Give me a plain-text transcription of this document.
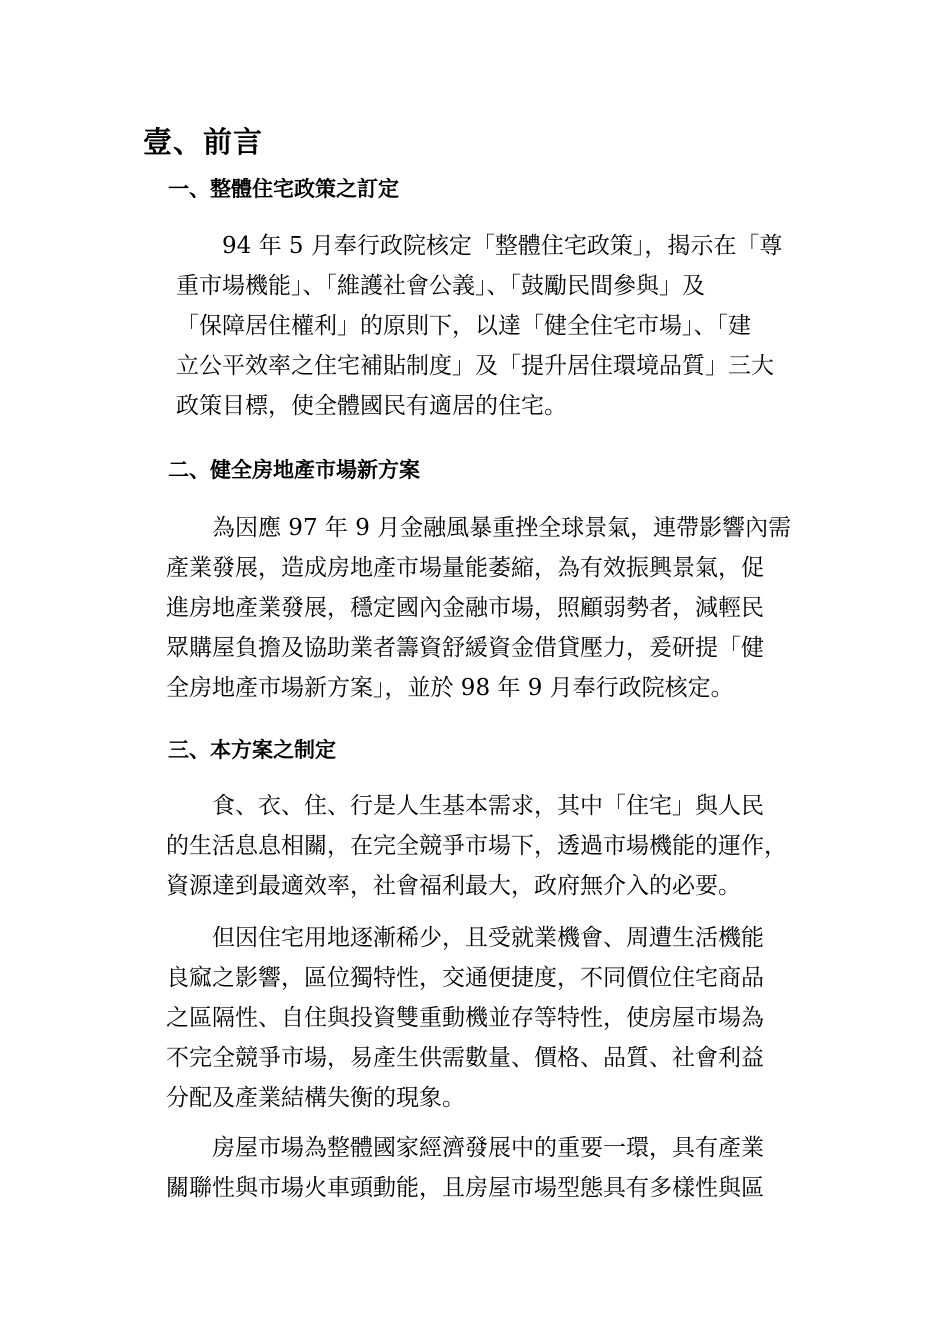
壹、前言
一、整體住宅政策之訂定
94 年 5 月奉行政院核定「整體住宅政策」，揭示在「尊
重市場機能」、「維護社會公義」、「鼓勵民間參與」及
「保障居住權利」的原則下，以達「健全住宅市場」、「建
立公平效率之住宅補貼制度」及「提升居住環境品質」三大
政策目標，使全體國民有適居的住宅。
二、健全房地產市場新方案
為因應 97 年 9 月金融風暴重挫全球景氣，連帶影響內需
產業發展，造成房地產市場量能萎縮，為有效振興景氣，促
進房地產業發展，穩定國內金融市場，照顧弱勢者，減輕民
眾購屋負擔及協助業者籌資舒緩資金借貸壓力，爰研提「健
全房地產市場新方案」，並於 98 年 9 月奉行政院核定。
三、本方案之制定
食、衣、住、行是人生基本需求，其中「住宅」與人民
的生活息息相關，在完全競爭市場下，透過市場機能的運作，
資源達到最適效率，社會福利最大，政府無介入的必要。
但因住宅用地逐漸稀少，且受就業機會、周遭生活機能
良窳之影響，區位獨特性，交通便捷度，不同價位住宅商品
之區隔性、自住與投資雙重動機並存等特性，使房屋市場為
不完全競爭市場，易產生供需數量、價格、品質、社會利益
分配及產業結構失衡的現象。
房屋市場為整體國家經濟發展中的重要一環，具有產業
關聯性與市場火車頭動能，且房屋市場型態具有多樣性與區
